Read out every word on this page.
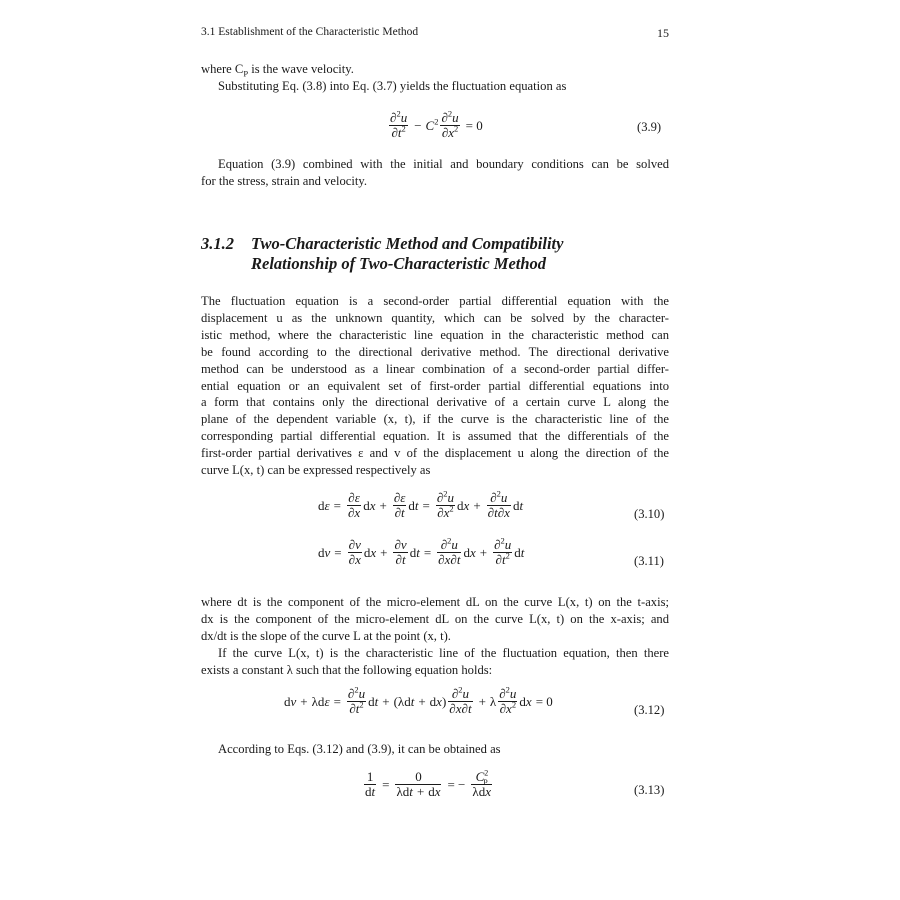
3.1 Establishment of the Characteristic Method	15
where $C_P$ is the wave velocity.
Substituting Eq. (3.8) into Eq. (3.7) yields the fluctuation equation as
$\frac{\partial^2u}{\partial t^2} - C^2 \frac{\partial^2u}{\partial x^2} = 0$	(3.9)
Equation (3.9) combined with the initial and boundary conditions can be solved
for the stress, strain and velocity.
3.1.2 Two-Characteristic Method and Compatibility
Relationship of Two-Characteristic Method
The fluctuation equation is a second-order partial differential equation with the
displacement u as the unknown quantity, which can be solved by the character-
istic method, where the characteristic line equation in the characteristic method can
be found according to the directional derivative method. The directional derivative
method can be understood as a linear combination of a second-order partial differ-
ential equation or an equivalent set of first-order partial differential equations into
a form that contains only the directional derivative of a certain curve L along the
plane of the dependent variable (x, t), if the curve is the characteristic line of the
corresponding partial differential equation. It is assumed that the differentials of the
first-order partial derivatives ε and v of the displacement u along the direction of the
curve L(x, t) can be expressed respectively as
d $\varepsilon = \frac{\partial\varepsilon}{\partial x}$ d $x + \frac{\partial\varepsilon}{\partial t}$ d $t = \frac{\partial^2u}{\partial x^2}$ d $x + \frac{\partial^2u}{\partial t\partial x}$ d t
(3.10)
d $v = \frac{\partial v}{\partial x}$ d $x + \frac{\partial v}{\partial t}$ d $t = \frac{\partial^2u}{\partial x\partial t}$ d $x + \frac{\partial^2u}{\partial t^2}$ d t
(3.11)
where dt is the component of the micro-element dL on the curve L(x, t) on the t-axis;
dx is the component of the micro-element dL on the curve L(x, t) on the x-axis; and
dx/dt is the slope of the curve L at the point (x, t).
If the curve L(x, t) is the characteristic line of the fluctuation equation, then there
exists a constant λ such that the following equation holds:
d v + λd $\varepsilon = \frac{\partial^2u}{\partial t^2}$ d t + (λd t + d x ) $\frac{\partial^2u}{\partial x\partial t} + \lambda \frac{\partial^2u}{\partial x^2}$ d x = 0
(3.12)
According to Eqs. (3.12) and (3.9), it can be obtained as
$\frac{1}{dt} = \frac{0}{\text{λdt + dx}}$ = − $\frac{C^2_P}{\text{λdx}}$	(3.13)
